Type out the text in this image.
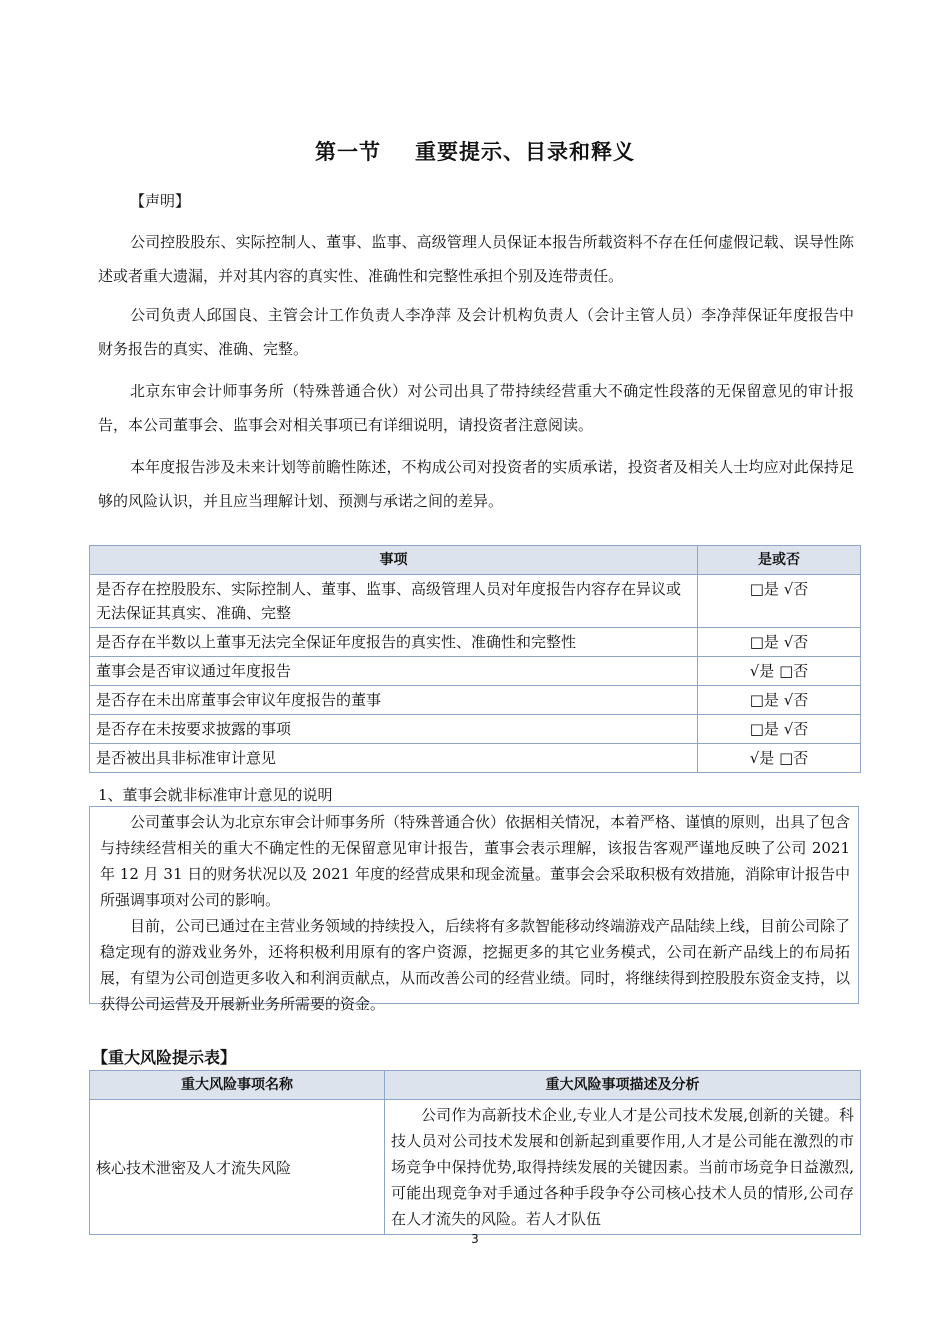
第一节 重要提示、目录和释义
【声明】

公司控股股东、实际控制人、董事、监事、高级管理人员保证本报告所载资料不存在任何虚假记载、误导性陈述或者重大遗漏，并对其内容的真实性、准确性和完整性承担个别及连带责任。

公司负责人邱国良、主管会计工作负责人李净萍 及会计机构负责人（会计主管人员）李净萍保证年度报告中财务报告的真实、准确、完整。

北京东审会计师事务所（特殊普通合伙）对公司出具了带持续经营重大不确定性段落的无保留意见的审计报告，本公司董事会、监事会对相关事项已有详细说明，请投资者注意阅读。

本年度报告涉及未来计划等前瞻性陈述，不构成公司对投资者的实质承诺，投资者及相关人士均应对此保持足够的风险认识，并且应当理解计划、预测与承诺之间的差异。

事项	是或否
是否存在控股股东、实际控制人、董事、监事、高级管理人员对年度报告内容存在异议或无法保证其真实、准确、完整	□是 √否
是否存在半数以上董事无法完全保证年度报告的真实性、准确性和完整性	□是 √否
董事会是否审议通过年度报告	√是 □否
是否存在未出席董事会审议年度报告的董事	□是 √否
是否存在未按要求披露的事项	□是 √否
是否被出具非标准审计意见	√是 □否
1、董事会就非标准审计意见的说明

公司董事会认为北京东审会计师事务所（特殊普通合伙）依据相关情况，本着严格、谨慎的原则，出具了包含与持续经营相关的重大不确定性的无保留意见审计报告，董事会表示理解，该报告客观严谨地反映了公司 2021 年 12 月 31 日的财务状况以及 2021 年度的经营成果和现金流量。董事会会采取积极有效措施，消除审计报告中所强调事项对公司的影响。

目前，公司已通过在主营业务领域的持续投入，后续将有多款智能移动终端游戏产品陆续上线，目前公司除了稳定现有的游戏业务外，还将积极利用原有的客户资源，挖掘更多的其它业务模式，公司在新产品线上的布局拓展，有望为公司创造更多收入和利润贡献点，从而改善公司的经营业绩。同时，将继续得到控股股东资金支持，以获得公司运营及开展新业务所需要的资金。

【重大风险提示表】
重大风险事项名称	重大风险事项描述及分析
核心技术泄密及人才流失风险	公司作为高新技术企业,专业人才是公司技术发展,创新的关键。科技人员对公司技术发展和创新起到重要作用,人才是公司能在激烈的市场竞争中保持优势,取得持续发展的关键因素。当前市场竞争日益激烈,可能出现竞争对手通过各种手段争夺公司核心技术人员的情形,公司存在人才流失的风险。若人才队伍
3
